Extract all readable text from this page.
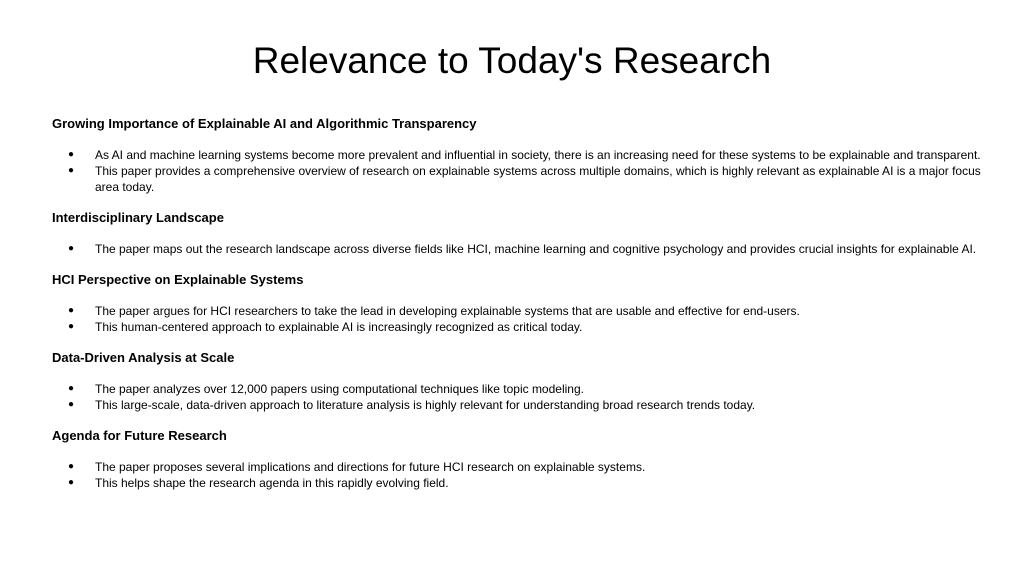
Relevance to Today's Research
Growing Importance of Explainable AI and Algorithmic Transparency
● As AI and machine learning systems become more prevalent and influential in society, there is an increasing need for these systems to be explainable and transparent.
● This paper provides a comprehensive overview of research on explainable systems across multiple domains, which is highly relevant as explainable AI is a major focus area today.
Interdisciplinary Landscape
● The paper maps out the research landscape across diverse fields like HCI, machine learning and cognitive psychology and provides crucial insights for explainable AI.
HCI Perspective on Explainable Systems
● The paper argues for HCI researchers to take the lead in developing explainable systems that are usable and effective for end-users.
● This human-centered approach to explainable AI is increasingly recognized as critical today.
Data-Driven Analysis at Scale
● The paper analyzes over 12,000 papers using computational techniques like topic modeling.
● This large-scale, data-driven approach to literature analysis is highly relevant for understanding broad research trends today.
Agenda for Future Research
● The paper proposes several implications and directions for future HCI research on explainable systems.
● This helps shape the research agenda in this rapidly evolving field.
